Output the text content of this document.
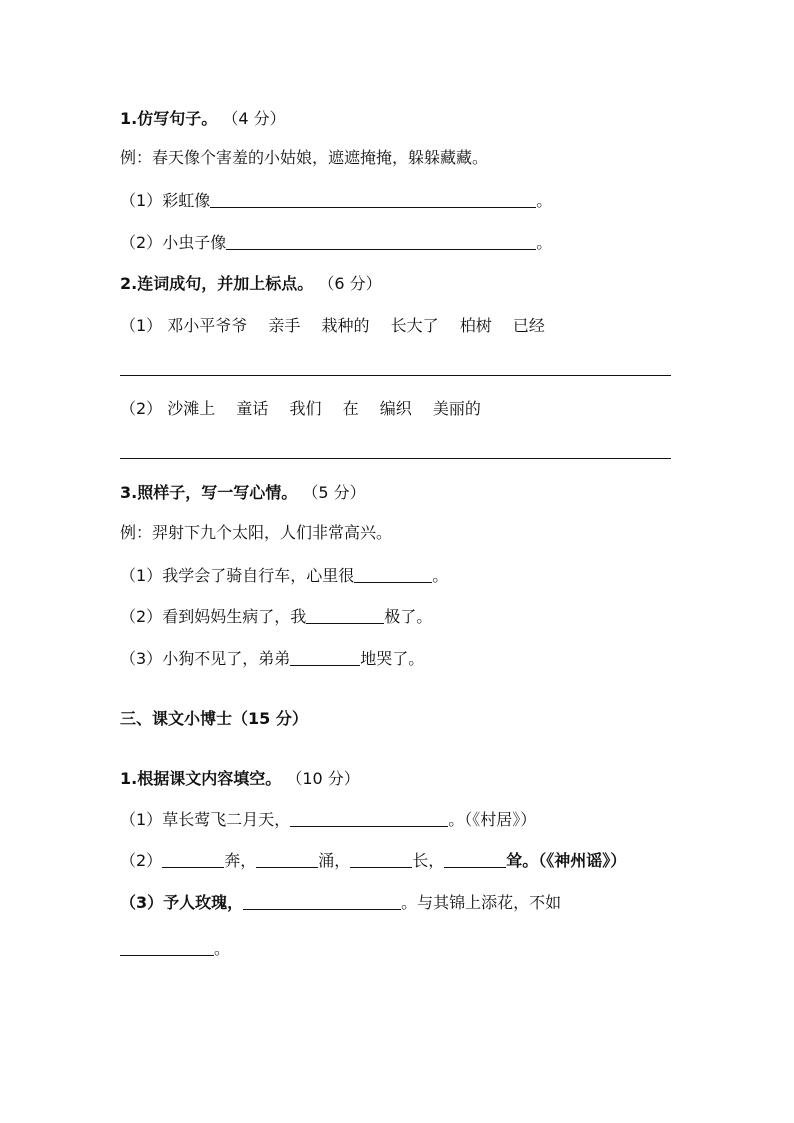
1.仿写句子。 （4 分）
例：春天像个害羞的小姑娘，遮遮掩掩，躲躲藏藏。
（1）彩虹像	。
（2）小虫子像	。
2.连词成句，并加上标点。 （6 分）
（1） 邓小平爷爷 亲手 栽种的 长大了 柏树 已经
（2） 沙滩上 童话 我们 在 编织 美丽的
3.照样子，写一写心情。 （5 分）
例：羿射下九个太阳，人们非常高兴。
（1）我学会了骑自行车，心里很	。
（2）看到妈妈生病了，我	极了。
（3）小狗不见了，弟弟	地哭了。
三、课文小博士（15 分）
1.根据课文内容填空。 （10 分）
（1）草长莺飞二月天，	。（《村居》）
（2）	奔，	涌，	长，	耸。（《神州谣》）
（3）予人玫瑰，	。与其锦上添花，不如
。
